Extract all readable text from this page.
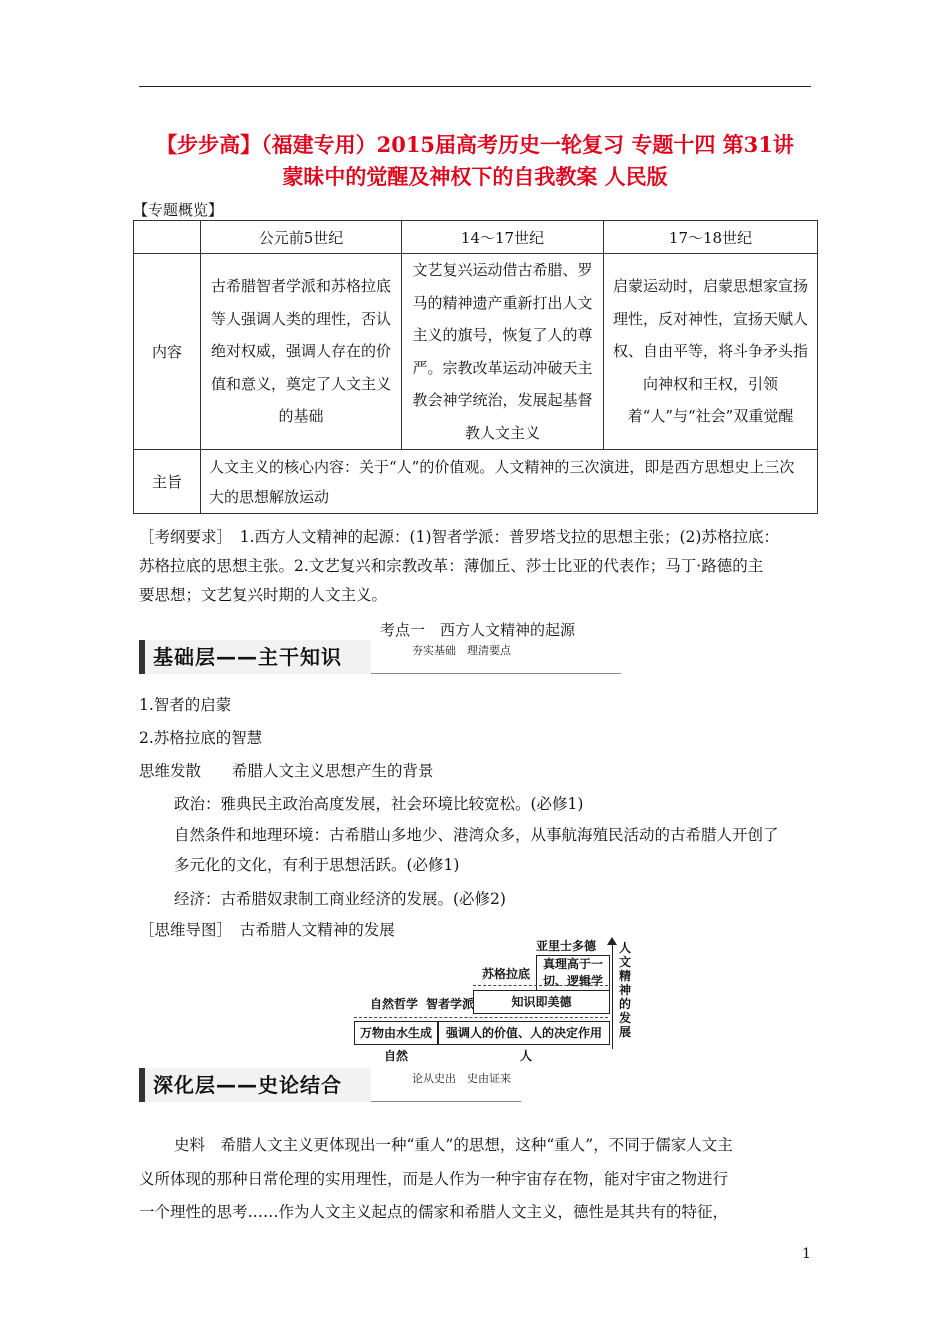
【步步高】（福建专用）2015届高考历史一轮复习 专题十四 第31讲
蒙昧中的觉醒及神权下的自我教案 人民版
【专题概览】
	公元前5世纪	14～17世纪	17～18世纪
内容	古希腊智者学派和苏格拉底等人强调人类的理性，否认绝对权威，强调人存在的价值和意义，奠定了人文主义的基础	文艺复兴运动借古希腊、罗马的精神遗产重新打出人文主义的旗号，恢复了人的尊严。宗教改革运动冲破天主教会神学统治，发展起基督教人文主义	启蒙运动时，启蒙思想家宣扬理性，反对神性，宣扬天赋人权、自由平等，将斗争矛头指向神权和王权，引领着“人”与“社会”双重觉醒

主旨	人文主义的核心内容：关于“人”的价值观。人文精神的三次演进，即是西方思想史上三次大的思想解放运动		
［考纲要求］　1.西方人文精神的起源：(1)智者学派：普罗塔戈拉的思想主张；(2)苏格拉底：
苏格拉底的思想主张。2.文艺复兴和宗教改革：薄伽丘、莎士比亚的代表作；马丁·路德的主
要思想；文艺复兴时期的人文主义。
考点一　西方人文精神的起源
基础层——主干知识	夯实基础　理清要点
1.智者的启蒙
2.苏格拉底的智慧
思维发散　　希腊人文主义思想产生的背景
政治：雅典民主政治高度发展，社会环境比较宽松。(必修1)
自然条件和地理环境：古希腊山多地少、港湾众多，从事航海殖民活动的古希腊人开创了
多元化的文化，有利于思想活跃。(必修1)
经济：古希腊奴隶制工商业经济的发展。(必修2)
［思维导图］　古希腊人文精神的发展
亚里士多德
真理高于一
切、逻辑学
苏格拉底
知识即美德
自然哲学 智者学派
万物由水生成	强调人的价值、人的决定作用
自然	人
人文精神的发展
深化层——史论结合	论从史出　史由证来
史料　希腊人文主义更体现出一种“重人”的思想，这种“重人”，不同于儒家人文主
义所体现的那种日常伦理的实用理性，而是人作为一种宇宙存在物，能对宇宙之物进行
一个理性的思考……作为人文主义起点的儒家和希腊人文主义，德性是其共有的特征，
1
